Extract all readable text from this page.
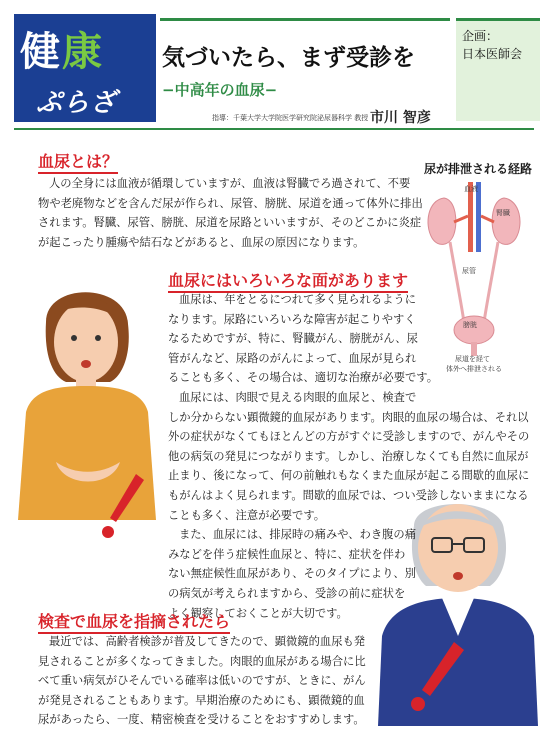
健康
ぷらざ
気づいたら、まず受診を
−中高年の血尿−
指導：千葉大学大学院医学研究院泌尿器科学 教授 市川 智彦
企画：
日本医師会
尿が排泄される経路
血液
腎臓
尿管
膀胱
尿道を経て
体外へ排泄される
血尿とは？
人の全身には血液が循環していますが、血液は腎臓でろ過されて、不要
物や老廃物などを含んだ尿が作られ、尿管、膀胱、尿道を通って体外に排出
されます。腎臓、尿管、膀胱、尿道を尿路といいますが、そのどこかに炎症
が起こったり腫瘍や結石などがあると、血尿の原因になります。
血尿にはいろいろな面があります
血尿は、年をとるにつれて多く見られるように
なります。尿路にいろいろな障害が起こりやすく
なるためですが、特に、腎臓がん、膀胱がん、尿
管がんなど、尿路のがんによって、血尿が見られ
ることも多く、その場合は、適切な治療が必要です。
血尿には、肉眼で見える肉眼的血尿と、検査で
しか分からない顕微鏡的血尿があります。肉眼的血尿の場合は、それ以
外の症状がなくてもほとんどの方がすぐに受診しますので、がんやその
他の病気の発見につながります。しかし、治療しなくても自然に血尿が
止まり、後になって、何の前触れもなくまた血尿が起こる間歇的血尿に
もがんはよく見られます。間歇的血尿では、つい受診しないままになる
ことも多く、注意が必要です。
また、血尿には、排尿時の痛みや、わき腹の痛
みなどを伴う症候性血尿と、特に、症状を伴わ
ない無症候性血尿があり、そのタイプにより、別
の病気が考えられますから、受診の前に症状を
よく観察しておくことが大切です。
検査で血尿を指摘されたら
最近では、高齢者検診が普及してきたので、顕微鏡的血尿も発
見されることが多くなってきました。肉眼的血尿がある場合に比
べて重い病気がひそんでいる確率は低いのですが、ときに、がん
が発見されることもあります。早期治療のためにも、顕微鏡的血
尿があったら、一度、精密検査を受けることをおすすめします。
